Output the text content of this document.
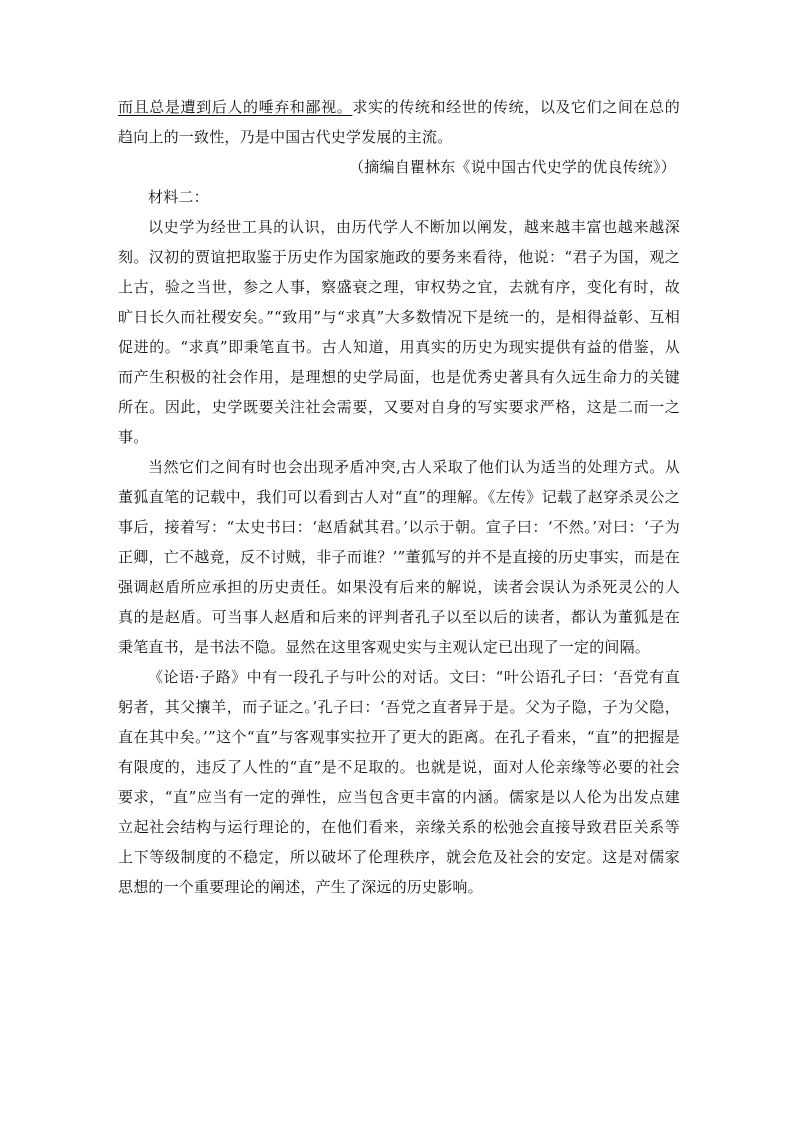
而且总是遭到后人的唾弃和鄙视。求实的传统和经世的传统，以及它们之间在总的趋向上的一致性，乃是中国古代史学发展的主流。

（摘编自瞿林东《说中国古代史学的优良传统》）

材料二：

以史学为经世工具的认识，由历代学人不断加以阐发，越来越丰富也越来越深刻。汉初的贾谊把取鉴于历史作为国家施政的要务来看待，他说：“君子为国，观之上古，验之当世，参之人事，察盛衰之理，审权势之宜，去就有序，变化有时，故旷日长久而社稷安矣。”“致用”与“求真”大多数情况下是统一的，是相得益彰、互相促进的。“求真”即秉笔直书。古人知道，用真实的历史为现实提供有益的借鉴，从而产生积极的社会作用，是理想的史学局面，也是优秀史著具有久远生命力的关键所在。因此，史学既要关注社会需要，又要对自身的写实要求严格，这是二而一之事。

当然它们之间有时也会出现矛盾冲突,古人采取了他们认为适当的处理方式。从董狐直笔的记载中，我们可以看到古人对“直”的理解。《左传》记载了赵穿杀灵公之事后，接着写：“太史书曰：‘赵盾弑其君。’以示于朝。宣子曰：‘不然。’对曰：‘子为正卿，亡不越竟，反不讨贼，非子而谁？’”董狐写的并不是直接的历史事实，而是在强调赵盾所应承担的历史责任。如果没有后来的解说，读者会误认为杀死灵公的人真的是赵盾。可当事人赵盾和后来的评判者孔子以至以后的读者，都认为董狐是在秉笔直书，是书法不隐。显然在这里客观史实与主观认定已出现了一定的间隔。

《论语·子路》中有一段孔子与叶公的对话。文曰：“叶公语孔子曰：‘吾党有直躬者，其父攘羊，而子证之。’孔子曰：‘吾党之直者异于是。父为子隐，子为父隐，直在其中矣。’”这个“直”与客观事实拉开了更大的距离。在孔子看来，“直”的把握是有限度的，违反了人性的“直”是不足取的。也就是说，面对人伦亲缘等必要的社会要求，“直”应当有一定的弹性，应当包含更丰富的内涵。儒家是以人伦为出发点建立起社会结构与运行理论的，在他们看来，亲缘关系的松弛会直接导致君臣关系等上下等级制度的不稳定，所以破坏了伦理秩序，就会危及社会的安定。这是对儒家思想的一个重要理论的阐述，产生了深远的历史影响。
